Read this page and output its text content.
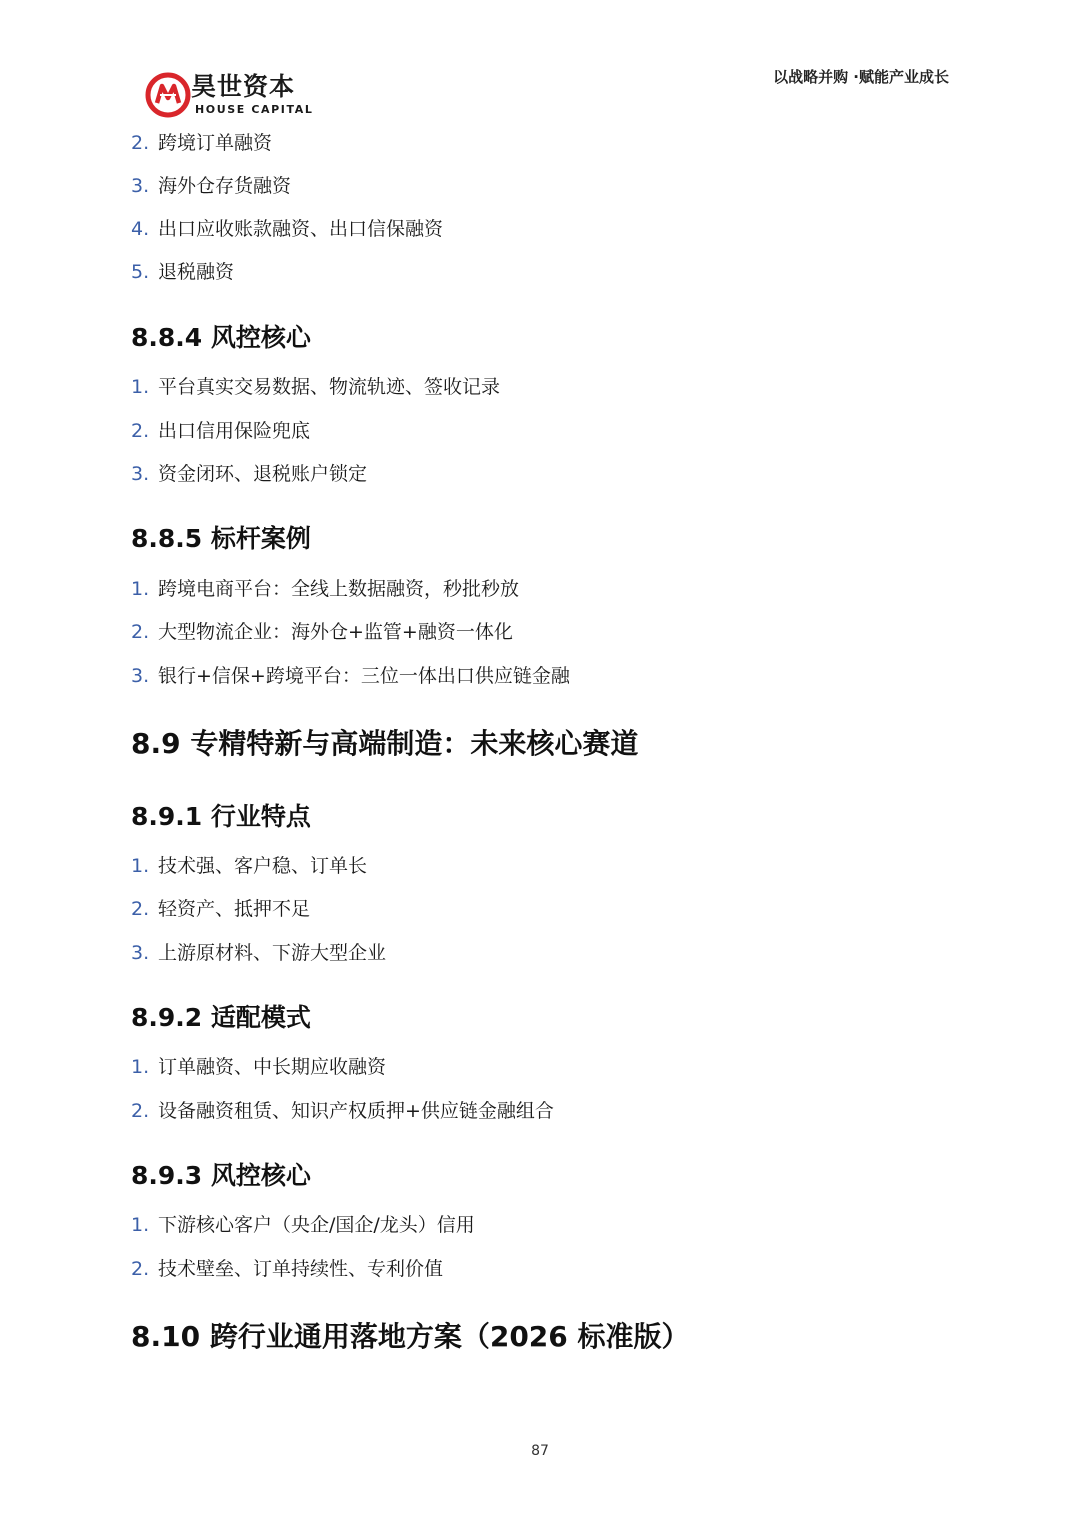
昊世资本
HOUSE CAPITAL
以战略并购 ·赋能产业成长
2. 跨境订单融资
3. 海外仓存货融资
4. 出口应收账款融资、出口信保融资
5. 退税融资
8.8.4 风控核心
1. 平台真实交易数据、物流轨迹、签收记录
2. 出口信用保险兜底
3. 资金闭环、退税账户锁定
8.8.5 标杆案例
1. 跨境电商平台：全线上数据融资，秒批秒放
2. 大型物流企业：海外仓+监管+融资一体化
3. 银行+信保+跨境平台：三位一体出口供应链金融
8.9 专精特新与高端制造：未来核心赛道
8.9.1 行业特点
1. 技术强、客户稳、订单长
2. 轻资产、抵押不足
3. 上游原材料、下游大型企业
8.9.2 适配模式
1. 订单融资、中长期应收融资
2. 设备融资租赁、知识产权质押+供应链金融组合
8.9.3 风控核心
1. 下游核心客户（央企/国企/龙头）信用
2. 技术壁垒、订单持续性、专利价值
8.10 跨行业通用落地方案（2026 标准版）
87
